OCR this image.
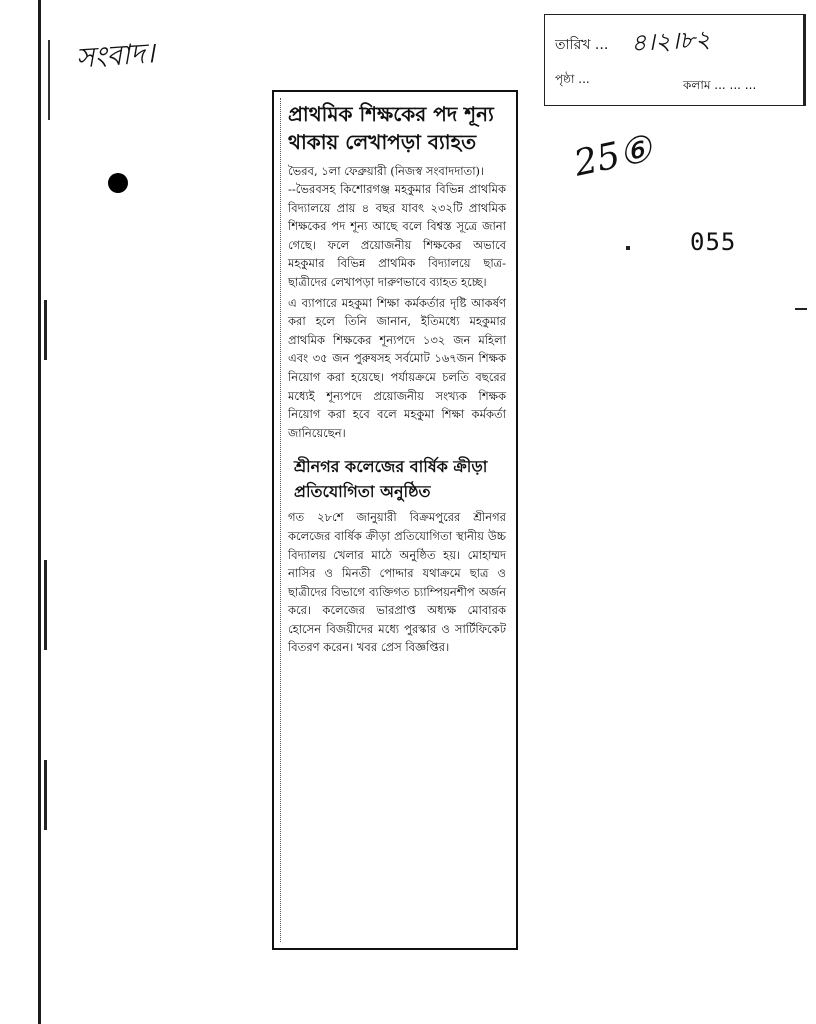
সংবাদ।	তারিখ ... ৪।২।৮২
পৃষ্ঠা ...	কলাম ... ... ...
25⑥
055
প্রাথমিক শিক্ষকের পদ শূন্য থাকায় লেখাপড়া ব্যাহত

ভৈরব, ১লা ফেব্রুয়ারী (নিজস্ব সংবাদদাতা)।

--ভৈরবসহ কিশোরগঞ্জ মহকুমার বিভিন্ন প্রাথমিক বিদ্যালয়ে প্রায় ৪ বছর যাবৎ ২৩২টি প্রাথমিক শিক্ষকের পদ শূন্য আছে বলে বিশ্বস্ত সূত্রে জানা গেছে। ফলে প্রয়োজনীয় শিক্ষকের অভাবে মহকুমার বিভিন্ন প্রাথমিক বিদ্যালয়ে ছাত্র-ছাত্রীদের লেখাপড়া দারুণভাবে ব্যাহত হচ্ছে।

এ ব্যাপারে মহকুমা শিক্ষা কর্মকর্তার দৃষ্টি আকর্ষণ করা হলে তিনি জানান, ইতিমধ্যে মহকুমার প্রাথমিক শিক্ষকের শূন্যপদে ১৩২ জন মহিলা এবং ৩৫ জন পুরুষসহ সর্বমোট ১৬৭জন শিক্ষক নিয়োগ করা হয়েছে। পর্যায়ক্রমে চলতি বছরের মধ্যেই শূন্যপদে প্রয়োজনীয় সংখ্যক শিক্ষক নিয়োগ করা হবে বলে মহকুমা শিক্ষা কর্মকর্তা জানিয়েছেন।

শ্রীনগর কলেজের বার্ষিক ক্রীড়া প্রতিযোগিতা অনুষ্ঠিত

গত ২৮শে জানুয়ারী বিক্রমপুরের শ্রীনগর কলেজের বার্ষিক ক্রীড়া প্রতিযোগিতা স্থানীয় উচ্চ বিদ্যালয় খেলার মাঠে অনুষ্ঠিত হয়। মোহাম্মদ নাসির ও মিনতী পোদ্দার যথাক্রমে ছাত্র ও ছাত্রীদের বিভাগে ব্যক্তিগত চ্যাম্পিয়নশীপ অর্জন করে। কলেজের ভারপ্রাপ্ত অধ্যক্ষ মোবারক হোসেন বিজয়ীদের মধ্যে পুরস্কার ও সার্টিফিকেট বিতরণ করেন। খবর প্রেস বিজ্ঞপ্তির।
